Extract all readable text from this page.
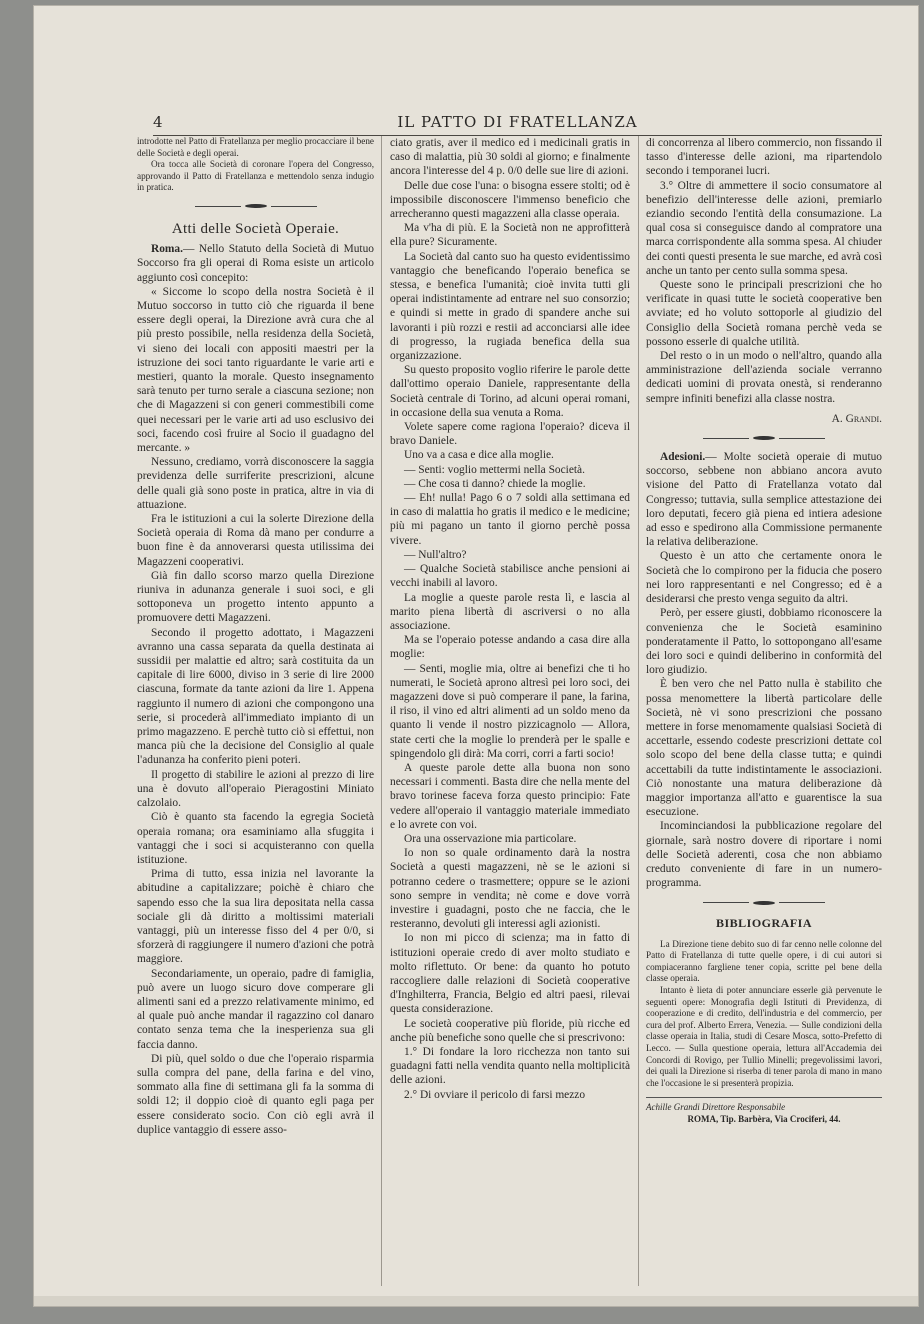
4	IL PATTO DI FRATELLANZA

introdotte nel Patto di Fratellanza per meglio procacciare il bene delle Società e degli operai.

Ora tocca alle Società di coronare l'opera del Congresso, approvando il Patto di Fratellanza e mettendolo senza indugio in pratica.

Atti delle Società Operaie.

Roma.— Nello Statuto della Società di Mutuo Soccorso fra gli operai di Roma esiste un articolo aggiunto così concepito:

« Siccome lo scopo della nostra Società è il Mutuo soccorso in tutto ciò che riguarda il bene essere degli operai, la Direzione avrà cura che al più presto possibile, nella residenza della Società, vi sieno dei locali con appositi maestri per la istruzione dei soci tanto riguardante le varie arti e mestieri, quanto la morale. Questo insegnamento sarà tenuto per turno serale a ciascuna sezione; non che di Magazzeni si con generi commestibili come quei necessari per le varie arti ad uso esclusivo dei soci, facendo così fruire al Socio il guadagno del mercante. »

Nessuno, crediamo, vorrà disconoscere la saggia previdenza delle surriferite prescrizioni, alcune delle quali già sono poste in pratica, altre in via di attuazione.

Fra le istituzioni a cui la solerte Direzione della Società operaia di Roma dà mano per condurre a buon fine è da annoverarsi questa utilissima dei Magazzeni cooperativi.

Già fin dallo scorso marzo quella Direzione riuniva in adunanza generale i suoi soci, e gli sottoponeva un progetto intento appunto a promuovere detti Magazzeni.

Secondo il progetto adottato, i Magazzeni avranno una cassa separata da quella destinata ai sussidii per malattie ed altro; sarà costituita da un capitale di lire 6000, diviso in 3 serie di lire 2000 ciascuna, formate da tante azioni da lire 1. Appena raggiunto il numero di azioni che compongono una serie, si procederà all'immediato impianto di un primo magazzeno. E perchè tutto ciò si effettui, non manca più che la decisione del Consiglio al quale l'adunanza ha conferito pieni poteri.

Il progetto di stabilire le azioni al prezzo di lire una è dovuto all'operaio Pieragostini Miniato calzolaio.

Ciò è quanto sta facendo la egregia Società operaia romana; ora esaminiamo alla sfuggita i vantaggi che i soci si acquisteranno con quella istituzione.

Prima di tutto, essa inizia nel lavorante la abitudine a capitalizzare; poichè è chiaro che sapendo esso che la sua lira depositata nella cassa sociale gli dà diritto a moltissimi materiali vantaggi, più un interesse fisso del 4 per 0/0, si sforzerà di raggiungere il numero d'azioni che potrà maggiore.

Secondariamente, un operaio, padre di famiglia, può avere un luogo sicuro dove comperare gli alimenti sani ed a prezzo relativamente minimo, ed al quale può anche mandar il ragazzino col danaro contato senza tema che la inesperienza sua gli faccia danno.

Di più, quel soldo o due che l'operaio risparmia sulla compra del pane, della farina e del vino, sommato alla fine di settimana gli fa la somma di soldi 12; il doppio cioè di quanto egli paga per essere considerato socio. Con ciò egli avrà il duplice vantaggio di essere asso-

ciato gratis, aver il medico ed i medicinali gratis in caso di malattia, più 30 soldi al giorno; e finalmente ancora l'interesse del 4 p. 0/0 delle sue lire di azioni.

Delle due cose l'una: o bisogna essere stolti; od è impossibile disconoscere l'immenso beneficio che arrecheranno questi magazzeni alla classe operaia.

Ma v'ha di più. E la Società non ne approfitterà ella pure? Sicuramente.

La Società dal canto suo ha questo evidentissimo vantaggio che beneficando l'operaio benefica se stessa, e benefica l'umanità; cioè invita tutti gli operai indistintamente ad entrare nel suo consorzio; e quindi si mette in grado di spandere anche sui lavoranti i più rozzi e restii ad acconciarsi alle idee di progresso, la rugiada benefica della sua organizzazione.

Su questo proposito voglio riferire le parole dette dall'ottimo operaio Daniele, rappresentante della Società centrale di Torino, ad alcuni operai romani, in occasione della sua venuta a Roma.

Volete sapere come ragiona l'operaio? diceva il bravo Daniele.

Uno va a casa e dice alla moglie.

— Senti: voglio mettermi nella Società.

— Che cosa ti danno? chiede la moglie.

— Eh! nulla! Pago 6 o 7 soldi alla settimana ed in caso di malattia ho gratis il medico e le medicine; più mi pagano un tanto il giorno perchè possa vivere.

— Null'altro?

— Qualche Società stabilisce anche pensioni ai vecchi inabili al lavoro.

La moglie a queste parole resta lì, e lascia al marito piena libertà di ascriversi o no alla associazione.

Ma se l'operaio potesse andando a casa dire alla moglie:

— Senti, moglie mia, oltre ai benefizi che ti ho numerati, le Società aprono altresì pei loro soci, dei magazzeni dove si può comperare il pane, la farina, il riso, il vino ed altri alimenti ad un soldo meno da quanto li vende il nostro pizzicagnolo — Allora, state certi che la moglie lo prenderà per le spalle e spingendolo gli dirà: Ma corri, corri a farti socio!

A queste parole dette alla buona non sono necessari i commenti. Basta dire che nella mente del bravo torinese faceva forza questo principio: Fate vedere all'operaio il vantaggio materiale immediato e lo avrete con voi.

Ora una osservazione mia particolare.

Io non so quale ordinamento darà la nostra Società a questi magazzeni, nè se le azioni si potranno cedere o trasmettere; oppure se le azioni sono sempre in vendita; nè come e dove vorrà investire i guadagni, posto che ne faccia, che le resteranno, devoluti gli interessi agli azionisti.

Io non mi picco di scienza; ma in fatto di istituzioni operaie credo di aver molto studiato e molto riflettuto. Or bene: da quanto ho potuto raccogliere dalle relazioni di Società cooperative d'Inghilterra, Francia, Belgio ed altri paesi, rilevai questa considerazione.

Le società cooperative più floride, più ricche ed anche più benefiche sono quelle che si prescrivono:

1.° Di fondare la loro ricchezza non tanto sui guadagni fatti nella vendita quanto nella moltiplicità delle azioni.

2.° Di ovviare il pericolo di farsi mezzo

di concorrenza al libero commercio, non fissando il tasso d'interesse delle azioni, ma ripartendolo secondo i temporanei lucri.

3.° Oltre di ammettere il socio consumatore al benefizio dell'interesse delle azioni, premiarlo eziandio secondo l'entità della consumazione. La qual cosa si conseguisce dando al compratore una marca corrispondente alla somma spesa. Al chiuder dei conti questi presenta le sue marche, ed avrà così anche un tanto per cento sulla somma spesa.

Queste sono le principali prescrizioni che ho verificate in quasi tutte le società cooperative ben avviate; ed ho voluto sottoporle al giudizio del Consiglio della Società romana perchè veda se possono esserle di qualche utilità.

Del resto o in un modo o nell'altro, quando alla amministrazione dell'azienda sociale verranno dedicati uomini di provata onestà, si renderanno sempre infiniti benefizi alla classe nostra.

A. Grandi.

Adesioni.— Molte società operaie di mutuo soccorso, sebbene non abbiano ancora avuto visione del Patto di Fratellanza votato dal Congresso; tuttavia, sulla semplice attestazione dei loro deputati, fecero già piena ed intiera adesione ad esso e spedirono alla Commissione permanente la relativa deliberazione.

Questo è un atto che certamente onora le Società che lo compirono per la fiducia che posero nei loro rappresentanti e nel Congresso; ed è a desiderarsi che presto venga seguito da altri.

Però, per essere giusti, dobbiamo riconoscere la convenienza che le Società esaminino ponderatamente il Patto, lo sottopongano all'esame dei loro soci e quindi deliberino in conformità del loro giudizio.

È ben vero che nel Patto nulla è stabilito che possa menomettere la libertà particolare delle Società, nè vi sono prescrizioni che possano mettere in forse menomamente qualsiasi Società di accettarle, essendo codeste prescrizioni dettate col solo scopo del bene della classe tutta; e quindi accettabili da tutte indistintamente le associazioni. Ciò nonostante una matura deliberazione dà maggior importanza all'atto e guarentisce la sua esecuzione.

Incominciandosi la pubblicazione regolare del giornale, sarà nostro dovere di riportare i nomi delle Società aderenti, cosa che non abbiamo creduto conveniente di fare in un numero-programma.

BIBLIOGRAFIA

La Direzione tiene debito suo di far cenno nelle colonne del Patto di Fratellanza di tutte quelle opere, i di cui autori si compiaceranno fargliene tener copia, scritte pel bene della classe operaia.

Intanto è lieta di poter annunciare esserle già pervenute le seguenti opere: Monografia degli Istituti di Previdenza, di cooperazione e di credito, dell'industria e del commercio, per cura del prof. Alberto Errera, Venezia. — Sulle condizioni della classe operaia in Italia, studi di Cesare Mosca, sotto-Prefetto di Lecco. — Sulla questione operaia, lettura all'Accademia dei Concordi di Rovigo, per Tullio Minelli; pregevolissimi lavori, dei quali la Direzione si riserba di tener parola di mano in mano che l'occasione le si presenterà propizia.

Achille Grandi Direttore Responsabile
ROMA, Tip. Barbèra, Via Crociferi, 44.
